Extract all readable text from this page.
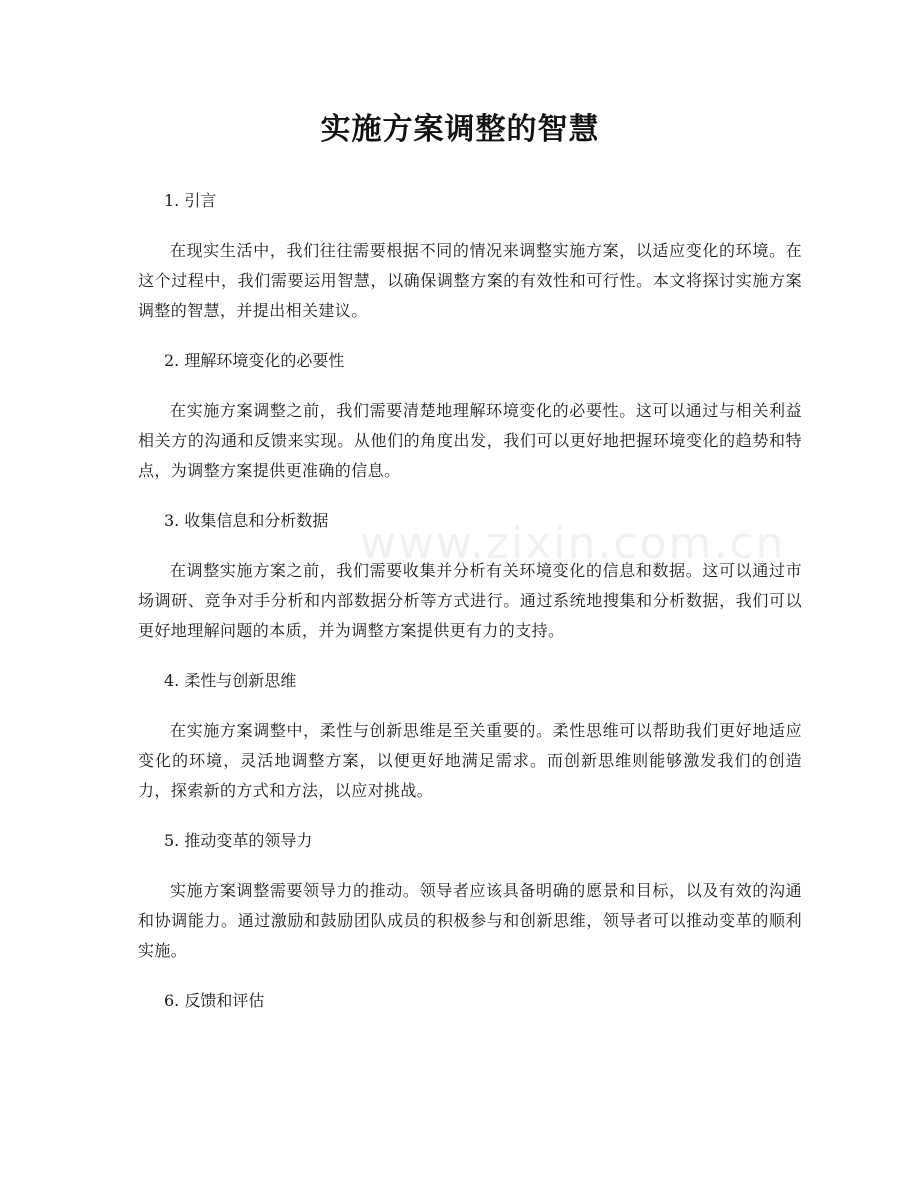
www.zixin.com.cn
实施方案调整的智慧
1. 引言

在现实生活中，我们往往需要根据不同的情况来调整实施方案，以适应变化的环境。在这个过程中，我们需要运用智慧，以确保调整方案的有效性和可行性。本文将探讨实施方案调整的智慧，并提出相关建议。

2. 理解环境变化的必要性

在实施方案调整之前，我们需要清楚地理解环境变化的必要性。这可以通过与相关利益相关方的沟通和反馈来实现。从他们的角度出发，我们可以更好地把握环境变化的趋势和特点，为调整方案提供更准确的信息。

3. 收集信息和分析数据

在调整实施方案之前，我们需要收集并分析有关环境变化的信息和数据。这可以通过市场调研、竞争对手分析和内部数据分析等方式进行。通过系统地搜集和分析数据，我们可以更好地理解问题的本质，并为调整方案提供更有力的支持。

4. 柔性与创新思维

在实施方案调整中，柔性与创新思维是至关重要的。柔性思维可以帮助我们更好地适应变化的环境，灵活地调整方案，以便更好地满足需求。而创新思维则能够激发我们的创造力，探索新的方式和方法，以应对挑战。

5. 推动变革的领导力

实施方案调整需要领导力的推动。领导者应该具备明确的愿景和目标，以及有效的沟通和协调能力。通过激励和鼓励团队成员的积极参与和创新思维，领导者可以推动变革的顺利实施。

6. 反馈和评估
